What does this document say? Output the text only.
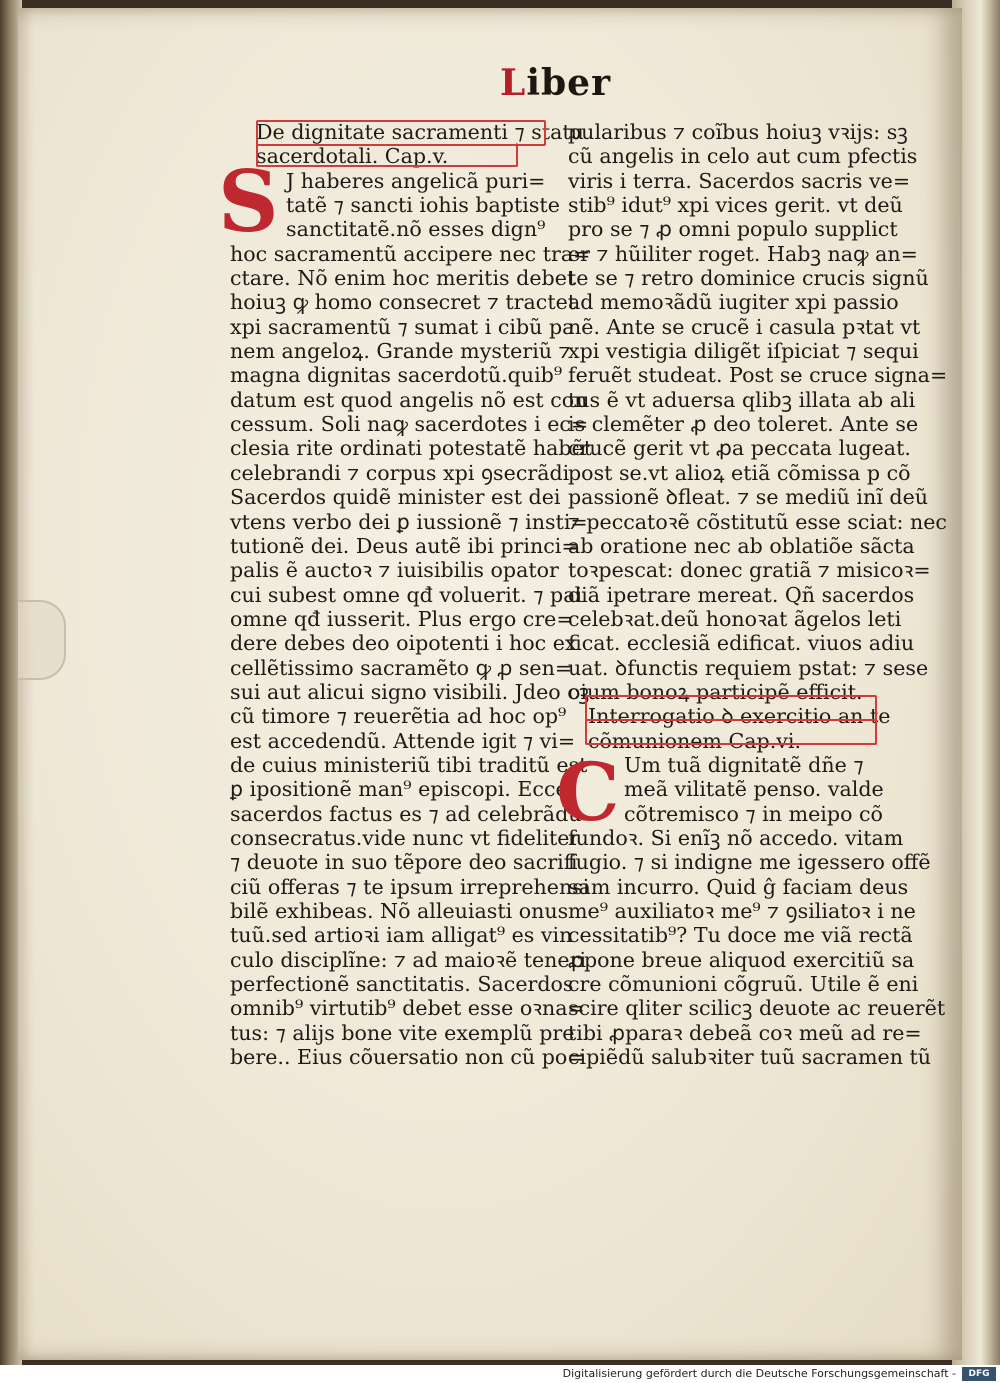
Liber
De dignitate sacramenti ⁊ statu
sacerdotali. Cap.v.
J haberes angelicã puri=
tatẽ ⁊ sancti iohis baptiste
sanctitatẽ.nõ esses dign⁹
hoc sacramentũ accipere nec tra=
ctare. Nõ enim hoc meritis debet
hoiuꝫ ꝙ homo consecret ⁊ tractet
xpi sacramentũ ⁊ sumat i cibũ pa
nem angeloꝝ. Grande mysteriũ ⁊
magna dignitas sacerdotũ.quib⁹
datum est quod angelis nõ est con
cessum. Soli naꝙ sacerdotes i ec=
clesia rite ordinati potestatẽ habẽt
celebrandi ⁊ corpus xpi ꝯsecrãdi
Sacerdos quidẽ minister est dei
vtens verbo dei ꝑ iussionẽ ⁊ insti=
tutionẽ dei. Deus autẽ ibi princi=
palis ẽ auctoꝛ ⁊ iuisibilis opator
cui subest omne qđ voluerit. ⁊ pai
omne qđ iusserit. Plus ergo cre=
dere debes deo oipotenti i hoc ex
cellẽtissimo sacramẽto ꝙ ꝓ sen=
sui aut alicui signo visibili. Jdeo cꝫ
cũ timore ⁊ reuerẽtia ad hoc op⁹
est accedendũ. Attende igit ⁊ vi=
de cuius ministeriũ tibi traditũ est
ꝑ ipositionẽ man⁹ episcopi. Ecce
sacerdos factus es ⁊ ad celebrãdũ
consecratus.vide nunc vt fideliter
⁊ deuote in suo tẽpore deo sacrifi
ciũ offeras ⁊ te ipsum irreprehensi
bilẽ exhibeas. Nõ alleuiasti onus
tuũ.sed artioꝛi iam alligat⁹ es vin
culo disciplĩne: ⁊ ad maioꝛẽ teneri
perfectionẽ sanctitatis. Sacerdos
omnib⁹ virtutib⁹ debet esse oꝛna=
tus: ⁊ alijs bone vite exemplũ pre
bere.. Eius cõuersatio non cũ po=
S
pularibus ⁊ coĩbus hoiuꝫ vꝛijs: sꝫ
cũ angelis in celo aut cum pfectis
viris i terra. Sacerdos sacris ve=
stib⁹ idut⁹ xpi vices gerit. vt deũ
pro se ⁊ ꝓ omni populo supplict
er ⁊ hũiliter roget. Habꝫ naꝙ an=
te se ⁊ retro dominice crucis signũ
ad memoꝛãdũ iugiter xpi passio
nẽ. Ante se crucẽ i casula pꝛtat vt
xpi vestigia diligẽt iſpiciat ⁊ sequi
feruẽt studeat. Post se cruce signa=
tus ẽ vt aduersa qlibꝫ illata ab ali
is clemẽter ꝓ deo toleret. Ante se
crucẽ gerit vt ꝓa peccata lugeat.
post se.vt alioꝝ etiã cõmissa p cõ
passionẽ ꝺfleat. ⁊ se mediũ inĩ deũ
⁊ peccatoꝛẽ cõstitutũ esse sciat: nec
ab oratione nec ab oblatiõe sãcta
toꝛpescat: donec gratiã ⁊ misicoꝛ=
diã ipetrare mereat. Qñ sacerdos
celebꝛat.deũ honoꝛat ãgelos leti
ficat. ecclesiã edificat. viuos adiu
uat. ꝺfunctis requiem pstat: ⁊ sese
oium bonoꝝ participẽ efficit.
Interrogatio ꝺ exercitio an te
cõmunionem Cap.vi.
Um tuã dignitatẽ dñe ⁊
meã vilitatẽ penso. valde
cõtremisco ⁊ in meipo cõ
fundoꝛ. Si enĩꝫ nõ accedo. vitam
fugio. ⁊ si indigne me igessero offẽ
sam incurro. Quid ĝ faciam deus
me⁹ auxiliatoꝛ me⁹ ⁊ ꝯsiliatoꝛ i ne
cessitatib⁹? Tu doce me viã rectã
ꝓpone breue aliquod exercitiũ sa
cre cõmunioni cõgruũ. Utile ẽ eni
scire qliter scilicꝫ deuote ac reuerẽt
tibi ꝓparaꝛ debeã coꝛ meũ ad re=
cipiẽdũ salubꝛiter tuũ sacramen tũ
C
Digitalisierung gefördert durch die Deutsche Forschungsgemeinschaft -	DFG
